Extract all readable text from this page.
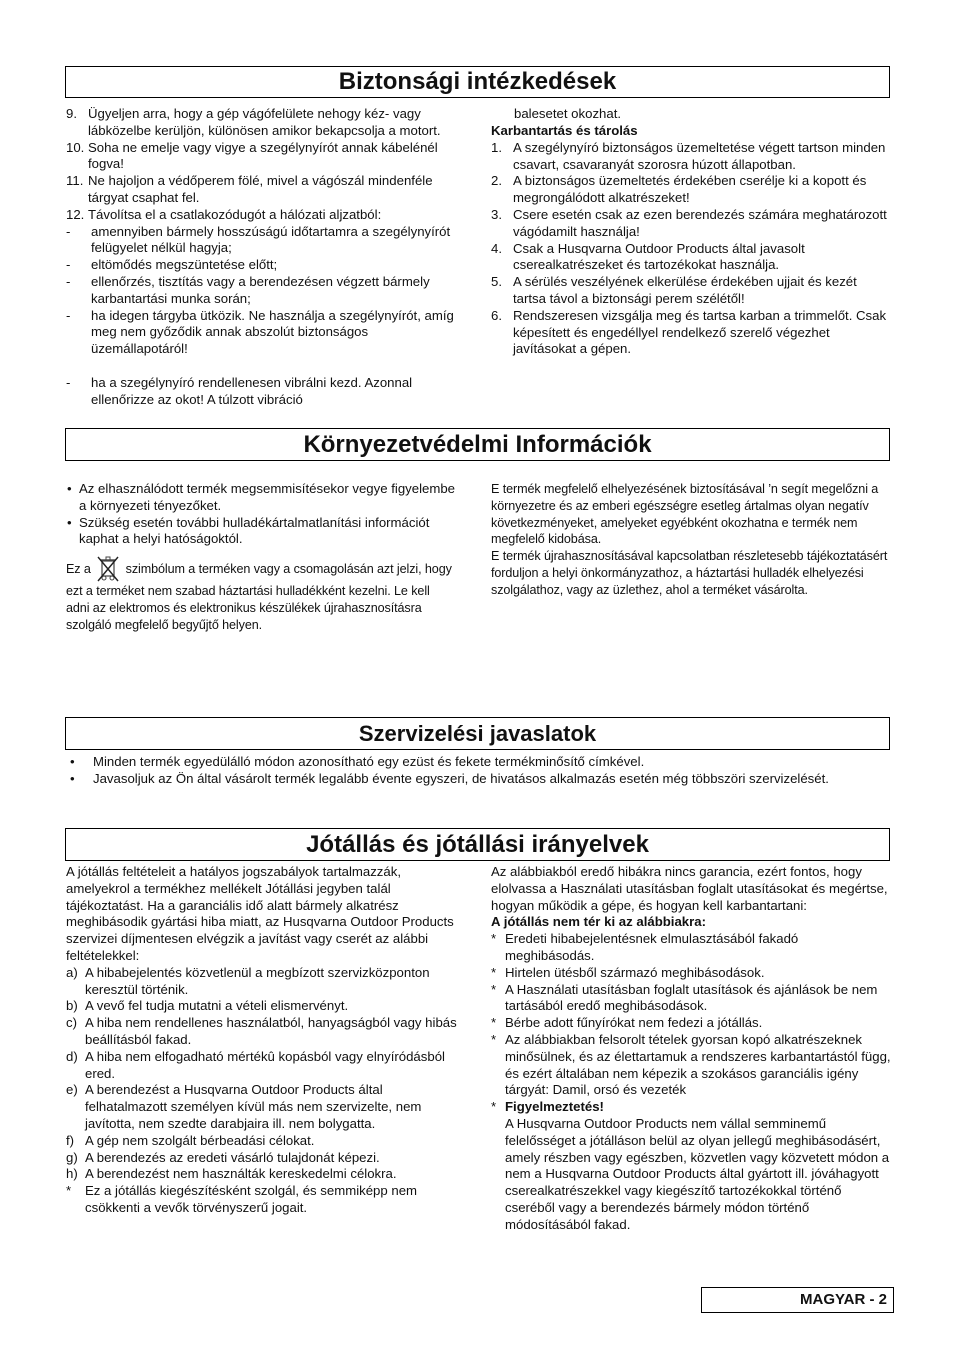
Biztonsági intézkedések
Környezetvédelmi Információk
Szervizelési javaslatok
Jótállás és jótállási irányelvek
9. Ügyeljen arra, hogy a gép vágófelülete nehogy kéz- vagy lábközelbe kerüljön, különösen amikor bekapcsolja a motort.
10. Soha ne emelje vagy vigye a szegélynyírót annak kábelénél fogva!
11. Ne hajoljon a védőperem fölé, mivel a vágószál mindenféle tárgyat csaphat fel.
12. Távolítsa el a csatlakozódugót a hálózati aljzatból:
- amennyiben bármely hosszúságú időtartamra a szegélynyírót felügyelet nélkül hagyja;
- eltömődés megszüntetése előtt;
- ellenőrzés, tisztítás vagy a berendezésen végzett bármely karbantartási munka során;
- ha idegen tárgyba ütközik. Ne használja a szegélynyírót, amíg meg nem győződik annak abszolút biztonságos üzemállapotáról!
- ha a szegélynyíró rendellenesen vibrálni kezd. Azonnal ellenőrizze az okot! A túlzott vibráció
balesetet okozhat.
Karbantartás és tárolás
1. A szegélynyíró biztonságos üzemeltetése végett tartson minden csavart, csavaranyát szorosra húzott állapotban.
2. A biztonságos üzemeltetés érdekében cserélje ki a kopott és megrongálódott alkatrészeket!
3. Csere esetén csak az ezen berendezés számára meghatározott vágódamilt használja!
4. Csak a Husqvarna Outdoor Products által javasolt cserealkatrészeket és tartozékokat használja.
5. A sérülés veszélyének elkerülése érdekében ujjait és kezét tartsa távol a biztonsági perem szélétől!
6. Rendszeresen vizsgálja meg és tartsa karban a trimmelőt. Csak képesített és engedéllyel rendelkező szerelő végezhet javításokat a gépen.
• Az elhasználódott termék megsemmisítésekor vegye figyelembe a környezeti tényezőket.
• Szükség esetén további hulladékártalmatlanítási információt kaphat a helyi hatóságoktól.
Ez a	szimbólum a terméken vagy a csomagolásán azt jelzi, hogy ezt a terméket nem szabad háztartási hulladékként kezelni. Le kell adni az elektromos és elektronikus készülékek újrahasznosításra szolgáló megfelelő begyűjtő helyen.
E termék megfelelő elhelyezésének biztosításával ’n segít megelőzni a környezetre és az emberi egészségre esetleg ártalmas olyan negatív következményeket, amelyeket egyébként okozhatna e termék nem megfelelő kidobása.
E termék újrahasznosításával kapcsolatban részletesebb tájékoztatásért forduljon a helyi önkormányzathoz, a háztartási hulladék elhelyezési szolgálathoz, vagy az üzlethez, ahol a terméket vásárolta.
• Minden termék egyedülálló módon azonosítható egy ezüst és fekete termékminősítő címkével.
• Javasoljuk az Ön által vásárolt termék legalább évente egyszeri, de hivatásos alkalmazás esetén még többszöri szervizelését.
A jótállás feltételeit a hatályos jogszabályok tartalmazzák, amelyekrol a termékhez mellékelt Jótállási jegyben talál tájékoztatást. Ha a garanciális idő alatt bármely alkatrész meghibásodik gyártási hiba miatt, az Husqvarna Outdoor Products szervizei díjmentesen elvégzik a javítást vagy cserét az alábbi feltételekkel:
a) A hibabejelentés közvetlenül a megbízott szervizközponton keresztül történik.
b) A vevő fel tudja mutatni a vételi elismervényt.
c) A hiba nem rendellenes használatból, hanyagságból vagy hibás beállításból fakad.
d) A hiba nem elfogadható mértékû kopásból vagy elnyíródásból ered.
e) A berendezést a Husqvarna Outdoor Products által felhatalmazott személyen kívül más nem szervizelte, nem javította, nem szedte darabjaira ill. nem bolygatta.
f) A gép nem szolgált bérbeadási célokat.
g) A berendezés az eredeti vásárló tulajdonát képezi.
h) A berendezést nem használták kereskedelmi célokra.
* Ez a jótállás kiegészítésként szolgál, és semmiképp nem csökkenti a vevők törvényszerű jogait.
Az alábbiakból eredő hibákra nincs garancia, ezért fontos, hogy elolvassa a Használati utasításban foglalt utasításokat és megértse, hogyan működik a gépe, és hogyan kell karbantartani:
A jótállás nem tér ki az alábbiakra:
* Eredeti hibabejelentésnek elmulasztásából fakadó meghibásodás.
* Hirtelen ütésből származó meghibásodások.
* A Használati utasításban foglalt utasítások és ajánlások be nem tartásából eredő meghibásodások.
* Bérbe adott fűnyírókat nem fedezi a jótállás.
* Az alábbiakban felsorolt tételek gyorsan kopó alkatrészeknek minősülnek, és az élettartamuk a rendszeres karbantartástól függ, és ezért általában nem képezik a szokásos garanciális igény tárgyát: Damil, orsó és vezeték
* Figyelmeztetés!
A Husqvarna Outdoor Products nem vállal semminemű felelősséget a jótálláson belül az olyan jellegű meghibásodásért, amely részben vagy egészben, közvetlen vagy közvetett módon a nem a Husqvarna Outdoor Products által gyártott ill. jóváhagyott cserealkatrészekkel vagy kiegészítő tartozékokkal történő cseréből vagy a berendezés bármely módon történő módosításából fakad.
MAGYAR - 2
